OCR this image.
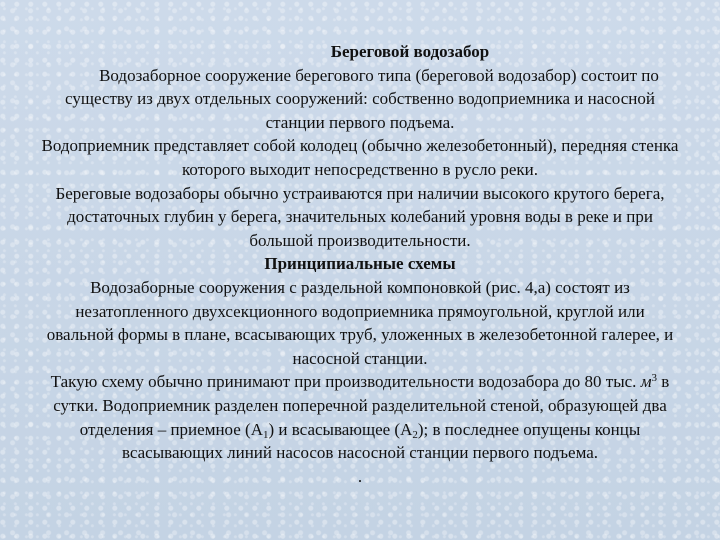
Береговой водозабор

Водозаборное сооружение берегового типа (береговой водозабор) состоит по существу из двух отдельных сооружений: собственно водоприемника и насосной станции первого подъема.

Водоприемник представляет собой колодец (обычно железобетонный), передняя стенка которого выходит непосредственно в русло реки.

Береговые водозаборы обычно устраиваются при наличии высокого крутого берега, достаточных глубин у берега, значительных колебаний уровня воды в реке и при большой производительности.

Принципиальные схемы

Водозаборные сооружения с раздельной компоновкой (рис. 4,а) состоят из незатопленного двухсекционного водоприемника прямоугольной, круглой или овальной формы в плане, всасывающих труб, уложенных в железобетонной галерее, и насосной станции.

Такую схему обычно принимают при производительности водозабора до 80 тыс. $м^3$ в сутки. Водоприемник разделен поперечной разделительной стеной, образующей два отделения – приемное $(А_1)$ и всасывающее $(А_2)$; в последнее опущены концы всасывающих линий насосов насосной станции первого подъема.

.
